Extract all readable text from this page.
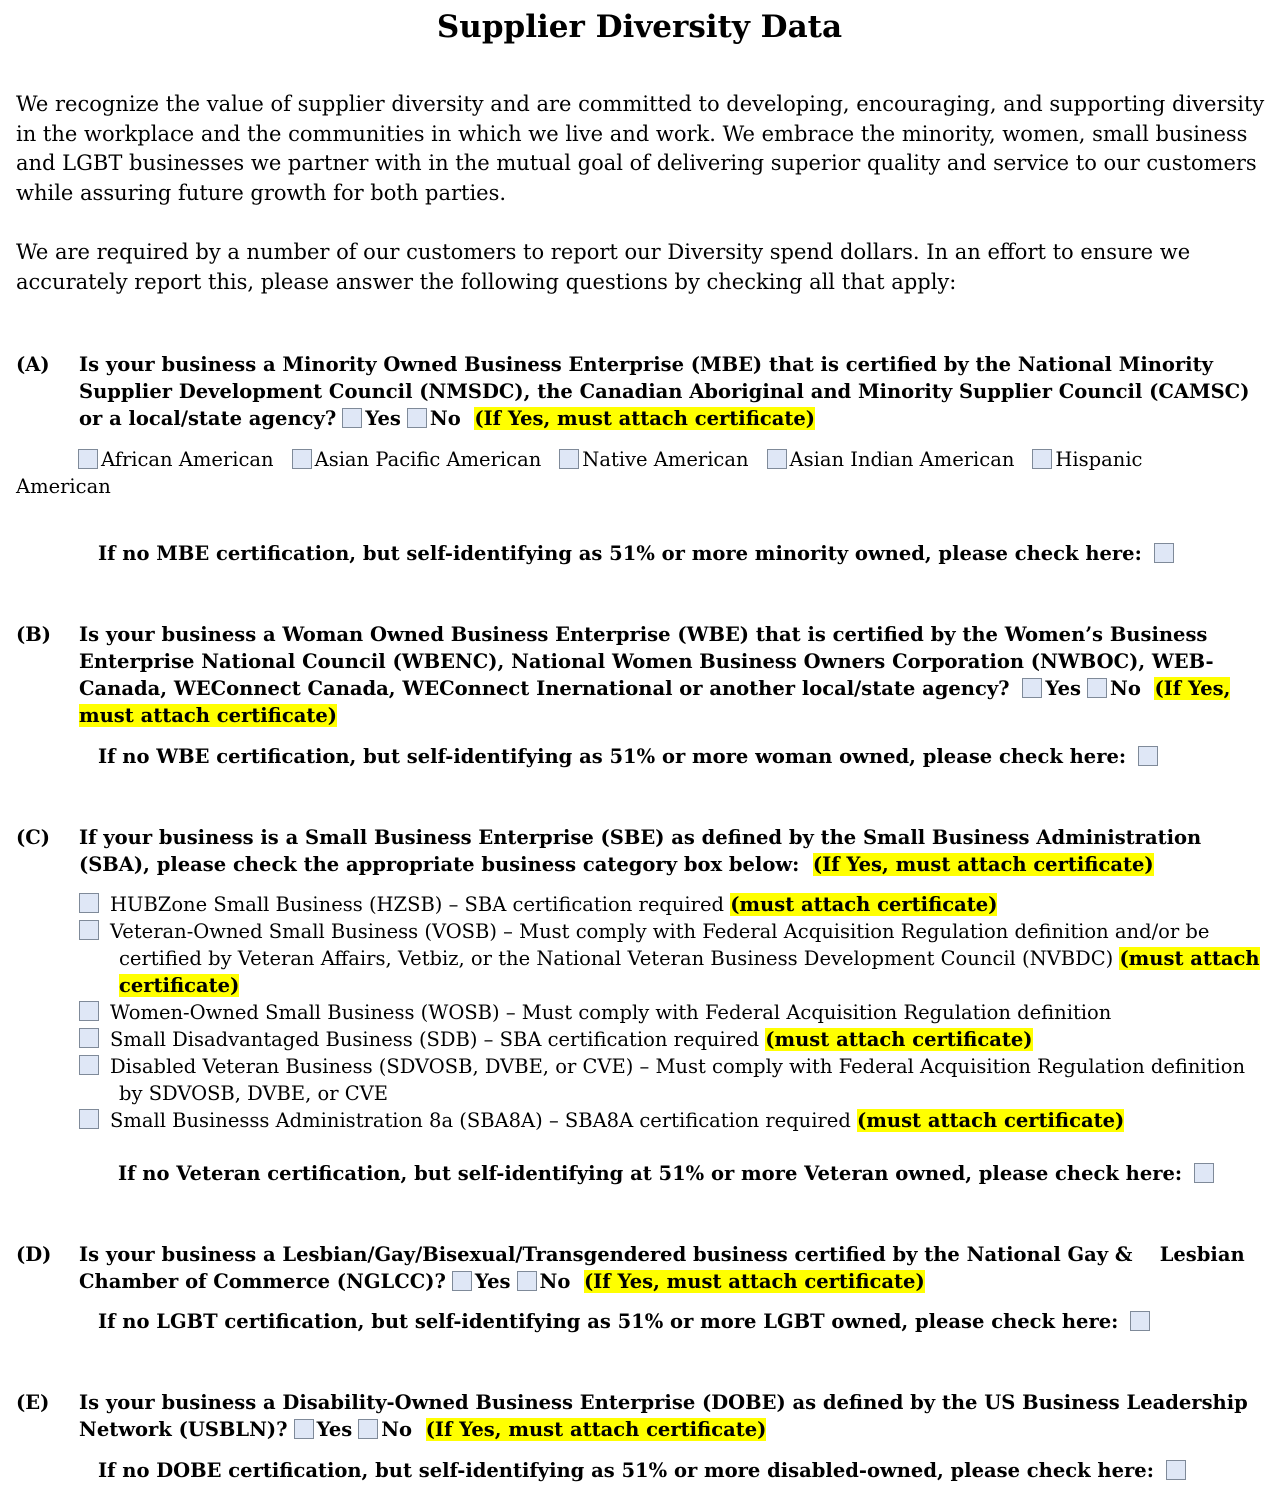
Supplier Diversity Data
We recognize the value of supplier diversity and are committed to developing, encouraging, and supporting diversity in the workplace and the communities in which we live and work. We embrace the minority, women, small business and LGBT businesses we partner with in the mutual goal of delivering superior quality and service to our customers while assuring future growth for both parties.
We are required by a number of our customers to report our Diversity spend dollars. In an effort to ensure we accurately report this, please answer the following questions by checking all that apply:
(A) Is your business a Minority Owned Business Enterprise (MBE) that is certified by the National Minority Supplier Development Council (NMSDC), the Canadian Aboriginal and Minority Supplier Council (CAMSC) or a local/state agency? Yes No (If Yes, must attach certificate)
African American Asian Pacific American Native American Asian Indian American Hispanic
American
If no MBE certification, but self-identifying as 51% or more minority owned, please check here:
(B) Is your business a Woman Owned Business Enterprise (WBE) that is certified by the Women’s Business Enterprise National Council (WBENC), National Women Business Owners Corporation (NWBOC), WEB-Canada, WEConnect Canada, WEConnect Inernational or another local/state agency? Yes No (If Yes, must attach certificate)
If no WBE certification, but self-identifying as 51% or more woman owned, please check here:
(C) If your business is a Small Business Enterprise (SBE) as defined by the Small Business Administration (SBA), please check the appropriate business category box below: (If Yes, must attach certificate)
HUBZone Small Business (HZSB) – SBA certification required (must attach certificate)
Veteran-Owned Small Business (VOSB) – Must comply with Federal Acquisition Regulation definition and/or be certified by Veteran Affairs, Vetbiz, or the National Veteran Business Development Council (NVBDC) (must attach certificate)
Women-Owned Small Business (WOSB) – Must comply with Federal Acquisition Regulation definition
Small Disadvantaged Business (SDB) – SBA certification required (must attach certificate)
Disabled Veteran Business (SDVOSB, DVBE, or CVE) – Must comply with Federal Acquisition Regulation definition by SDVOSB, DVBE, or CVE
Small Businesss Administration 8a (SBA8A) – SBA8A certification required (must attach certificate)
If no Veteran certification, but self-identifying at 51% or more Veteran owned, please check here:
(D) Is your business a Lesbian/Gay/Bisexual/Transgendered business certified by the National Gay &    Lesbian Chamber of Commerce (NGLCC)? Yes No (If Yes, must attach certificate)
If no LGBT certification, but self-identifying as 51% or more LGBT owned, please check here:
(E) Is your business a Disability-Owned Business Enterprise (DOBE) as defined by the US Business Leadership Network (USBLN)? Yes No (If Yes, must attach certificate)
If no DOBE certification, but self-identifying as 51% or more disabled-owned, please check here:
